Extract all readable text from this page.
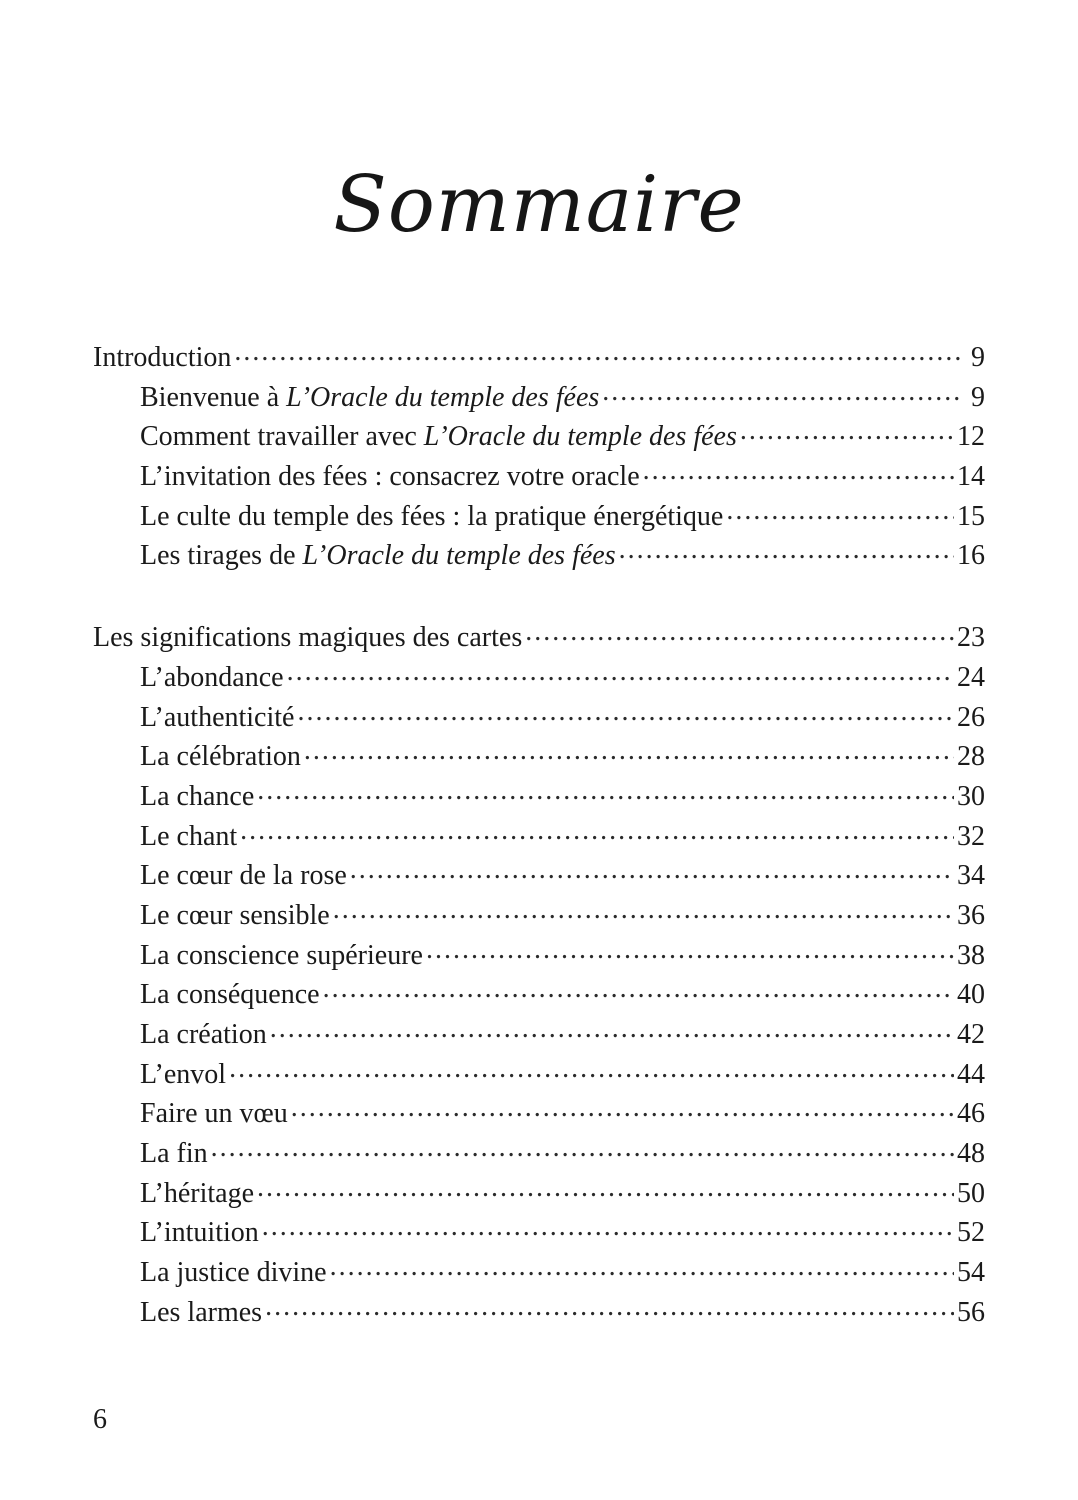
Sommaire
Introduction .....	9
Bienvenue à L’Oracle du temple des fées .....	9
Comment travailler avec L’Oracle du temple des fées .....	12
L’invitation des fées : consacrez votre oracle .....	14
Le culte du temple des fées : la pratique énergétique .....	15
Les tirages de L’Oracle du temple des fées .....	16
Les significations magiques des cartes .....	23
L’abondance .....	24
L’authenticité .....	26
La célébration .....	28
La chance .....	30
Le chant .....	32
Le cœur de la rose .....	34
Le cœur sensible .....	36
La conscience supérieure .....	38
La conséquence .....	40
La création .....	42
L’envol .....	44
Faire un vœu .....	46
La fin .....	48
L’héritage .....	50
L’intuition .....	52
La justice divine .....	54
Les larmes .....	56
6
